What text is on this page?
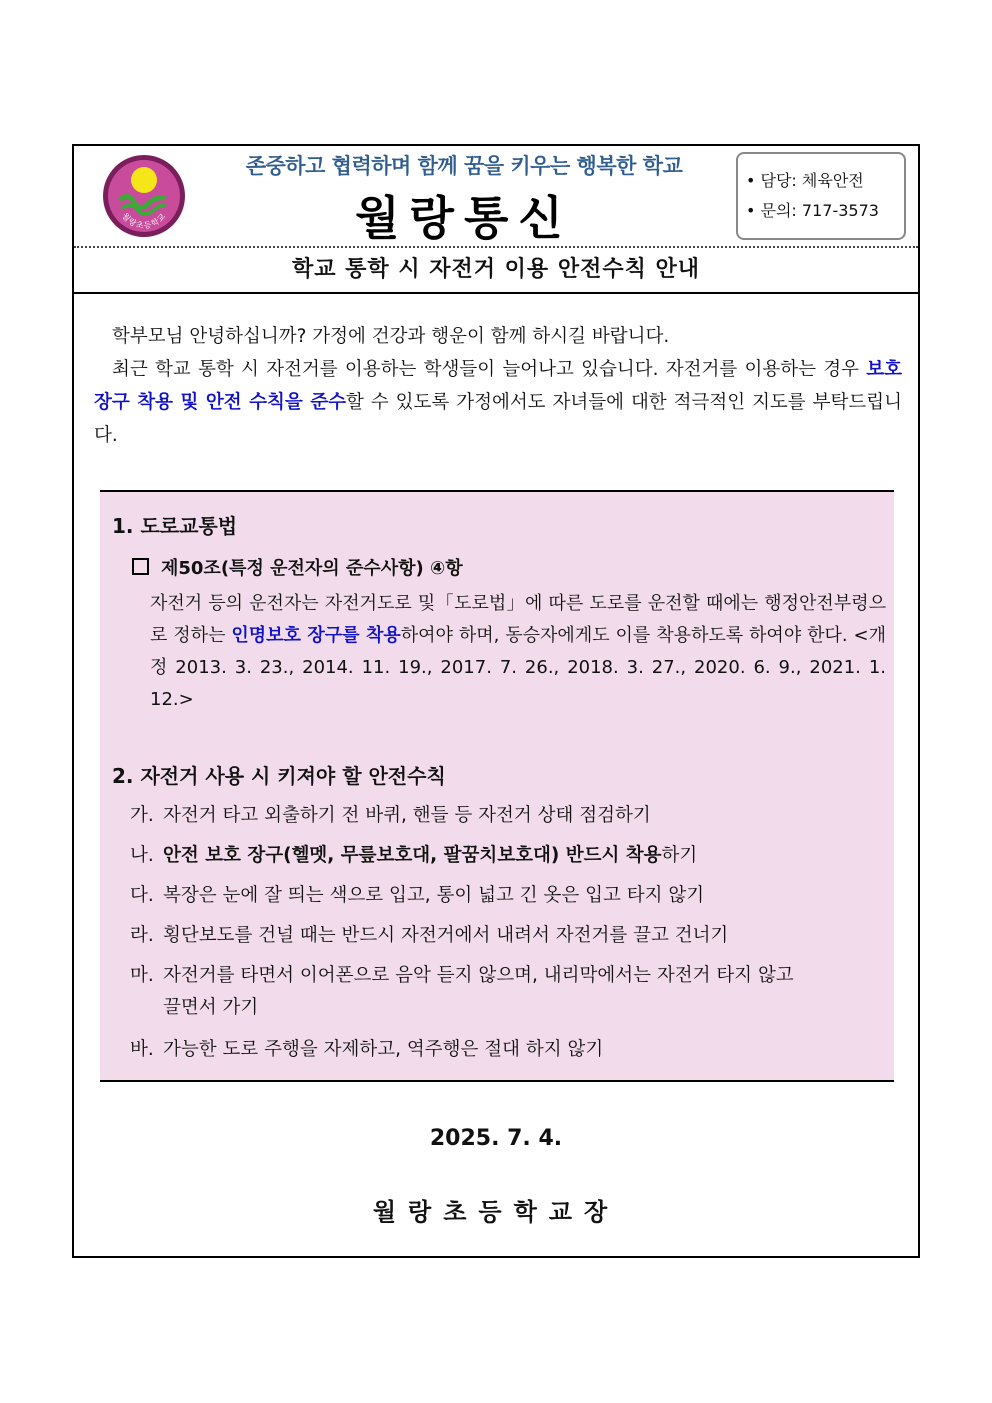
월랑초등학교
존중하고 협력하며 함께 꿈을 키우는 행복한 학교
월랑통신
• 담당: 체육안전
• 문의: 717-3573
학교 통학 시 자전거 이용 안전수칙 안내

학부모님 안녕하십니까? 가정에 건강과 행운이 함께 하시길 바랍니다.

최근 학교 통학 시 자전거를 이용하는 학생들이 늘어나고 있습니다. 자전거를 이용하는 경우 보호장구 착용 및 안전 수칙을 준수할 수 있도록 가정에서도 자녀들에 대한 적극적인 지도를 부탁드립니다.

1. 도로교통법
제50조(특정 운전자의 준수사항) ④항
자전거 등의 운전자는 자전거도로 및「도로법」에 따른 도로를 운전할 때에는 행정안전부령으로 정하는 인명보호 장구를 착용하여야 하며, 동승자에게도 이를 착용하도록 하여야 한다. <개정 2013. 3. 23., 2014. 11. 19., 2017. 7. 26., 2018. 3. 27., 2020. 6. 9., 2021. 1. 12.>
2. 자전거 사용 시 키져야 할 안전수칙
가. 자전거 타고 외출하기 전 바퀴, 핸들 등 자전거 상태 점검하기
나. 안전 보호 장구(헬멧, 무릎보호대, 팔꿈치보호대) 반드시 착용하기
다. 복장은 눈에 잘 띄는 색으로 입고, 통이 넓고 긴 옷은 입고 타지 않기
라. 횡단보도를 건널 때는 반드시 자전거에서 내려서 자전거를 끌고 건너기
마. 자전거를 타면서 이어폰으로 음악 듣지 않으며, 내리막에서는 자전거 타지 않고
끌면서 가기
바. 가능한 도로 주행을 자제하고, 역주행은 절대 하지 않기
2025. 7. 4.
월랑초등학교장
